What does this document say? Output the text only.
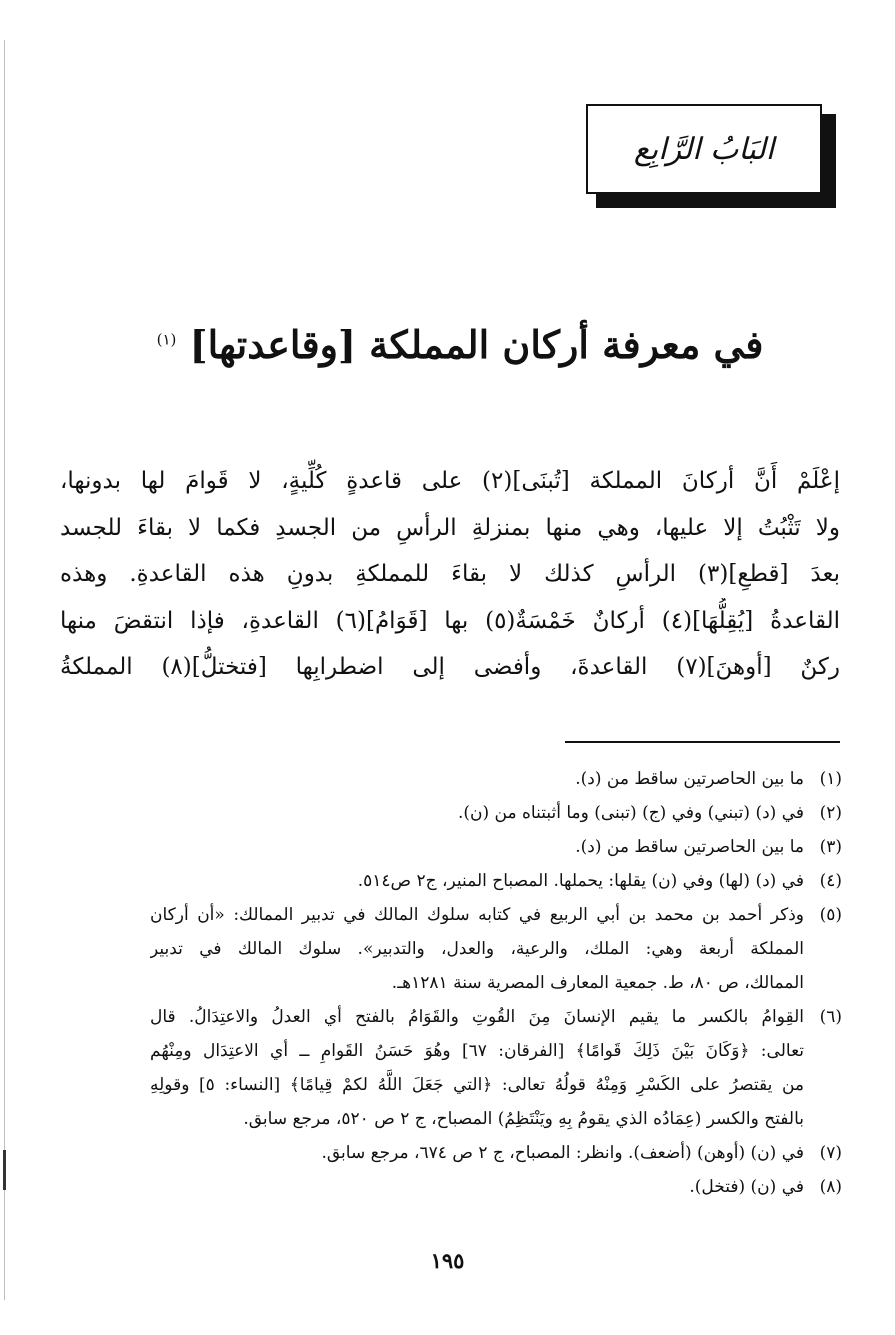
البَابُ الرَّابِع
في معرفة أركان المملكة [وقاعدتها] $^{(١)}$
إعْلَمْ أَنَّ أركانَ المملكة [تُبنَى](٢) على قاعدةٍ كُلِّيةٍ، لا قَوامَ لها بدونها،
ولا تَثْبُتُ إلا عليها، وهي منها بمنزلةِ الرأسِ من الجسدِ فكما لا بقاءَ للجسد
بعدَ [قطعِ](٣) الرأسِ كذلك لا بقاءَ للمملكةِ بدونِ هذه القاعدةِ. وهذه
القاعدةُ [يُقِلُّهَا](٤) أركانٌ خَمْسَةٌ(٥) بها [قَوَامُ](٦) القاعدةِ، فإذا انتقضَ منها
ركنٌ [أوهنَ](٧) القاعدةَ، وأفضى إلى اضطرابِها [فتختلُّ](٨) المملكةُ
(١)
ما بين الحاصرتين ساقط من (د).
(٢)
في (د) (تبني) وفي (ج) (تبنى) وما أثبتناه من (ن).
(٣)
ما بين الحاصرتين ساقط من (د).
(٤)
في (د) (لها) وفي (ن) يقلها: يحملها. المصباح المنير، ج٢ ص٥١٤.
(٥)
وذكر أحمد بن محمد بن أبي الربيع في كتابه سلوك المالك في تدبير الممالك: «أن أركان
المملكة أربعة وهي: الملك، والرعية، والعدل، والتدبير». سلوك المالك في تدبير
الممالك، ص ٨٠، ط. جمعية المعارف المصرية سنة ١٢٨١هـ.
(٦)
القِوامُ بالكسر ما يقيم الإنسانَ مِنَ القُوتِ والقَوَامُ بالفتح أي العدلُ والاعتِدَالُ. قال
تعالى: ﴿وَكَانَ بَيْنَ ذَلِكَ قَوامًا﴾ [الفرقان: ٦٧] وهُوَ حَسَنُ القَوامِ ــ أي الاعتِدَال ومِنْهُم
من يقتصرُ على الكَسْرِ وَمِنْهُ قولُهُ تعالى: ﴿التي جَعَلَ اللَّهُ لكمْ قِيامًا﴾ [النساء: ٥] وقولِهِ
بالفتح والكسر (عِمَادُه الذي يقومُ بِهِ ويَنْتَظِمُ) المصباح، ج ٢ ص ٥٢٠، مرجع سابق.
(٧)
في (ن) (أوهن) (أضعف). وانظر: المصباح، ج ٢ ص ٦٧٤، مرجع سابق.
(٨)
في (ن) (فتخل).
١٩٥
